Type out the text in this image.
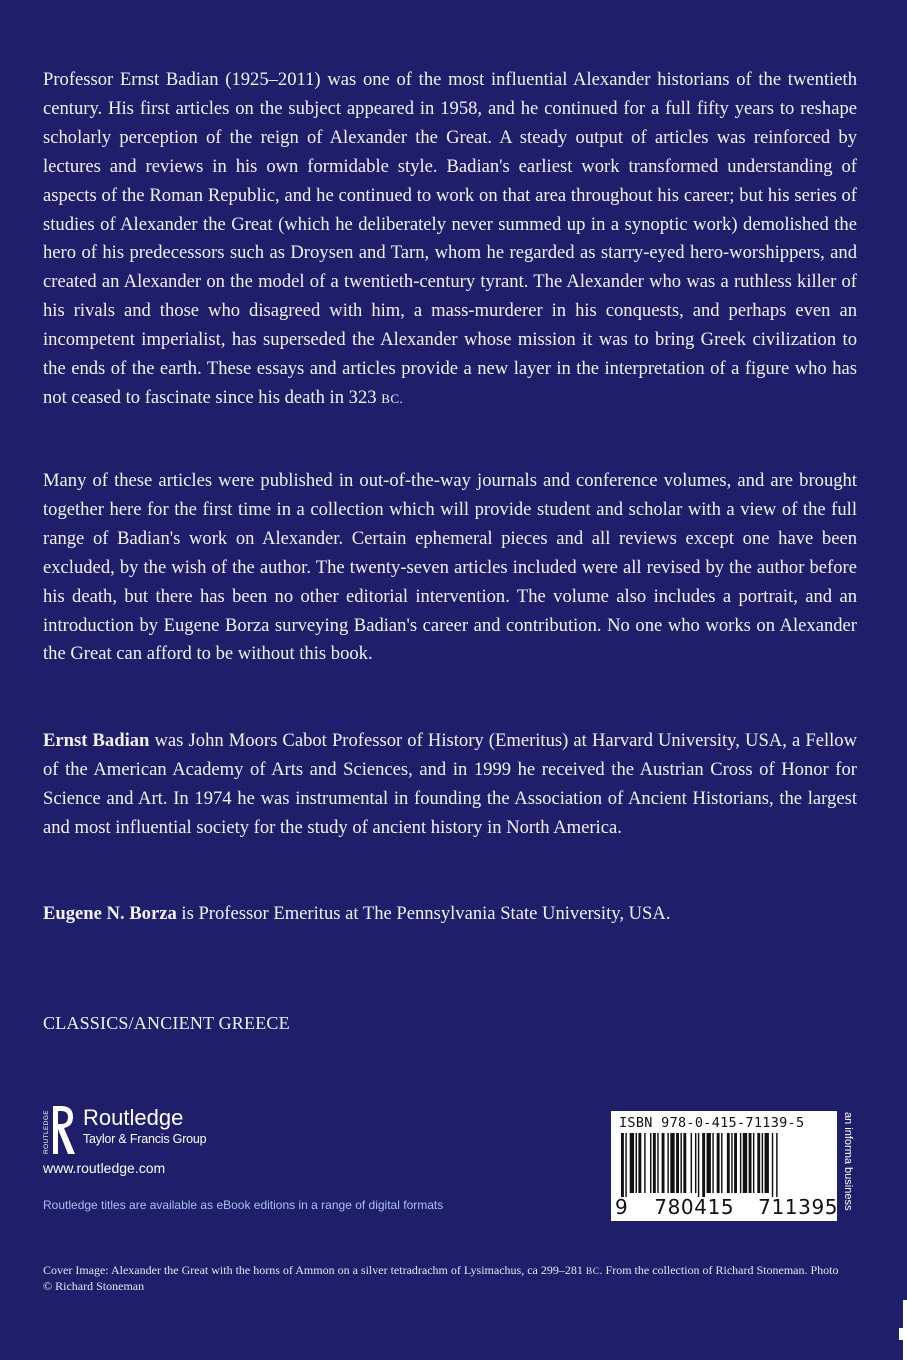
Professor Ernst Badian (1925–2011) was one of the most influential Alexander historians of the twentieth century. His first articles on the subject appeared in 1958, and he continued for a full fifty years to reshape scholarly perception of the reign of Alexander the Great. A steady output of articles was reinforced by lectures and reviews in his own formidable style. Badian's earliest work transformed understanding of aspects of the Roman Republic, and he continued to work on that area throughout his career; but his series of studies of Alexander the Great (which he deliberately never summed up in a synoptic work) demolished the hero of his predecessors such as Droysen and Tarn, whom he regarded as starry-eyed hero-worshippers, and created an Alexander on the model of a twentieth-century tyrant. The Alexander who was a ruthless killer of his rivals and those who disagreed with him, a mass-murderer in his conquests, and perhaps even an incompetent imperialist, has superseded the Alexander whose mission it was to bring Greek civilization to the ends of the earth. These essays and articles provide a new layer in the interpretation of a figure who has not ceased to fascinate since his death in 323 BC.

Many of these articles were published in out-of-the-way journals and conference volumes, and are brought together here for the first time in a collection which will provide student and scholar with a view of the full range of Badian's work on Alexander. Certain ephemeral pieces and all reviews except one have been excluded, by the wish of the author. The twenty-seven articles included were all revised by the author before his death, but there has been no other editorial intervention. The volume also includes a portrait, and an introduction by Eugene Borza surveying Badian's career and contribution. No one who works on Alexander the Great can afford to be without this book.

Ernst Badian was John Moors Cabot Professor of History (Emeritus) at Harvard University, USA, a Fellow of the American Academy of Arts and Sciences, and in 1999 he received the Austrian Cross of Honor for Science and Art. In 1974 he was instrumental in founding the Association of Ancient Historians, the largest and most influential society for the study of ancient history in North America.

Eugene N. Borza is Professor Emeritus at The Pennsylvania State University, USA.

CLASSICS/ANCIENT GREECE
ROUTLEDGE Routledge
Taylor & Francis Group
www.routledge.com
Routledge titles are available as eBook editions in a range of digital formats
ISBN 978-0-415-71139-5
9 780415 711395 an informa business
Cover Image: Alexander the Great with the horns of Ammon on a silver tetradrachm of Lysimachus, ca 299–281 BC. From the collection of Richard Stoneman. Photo © Richard Stoneman
